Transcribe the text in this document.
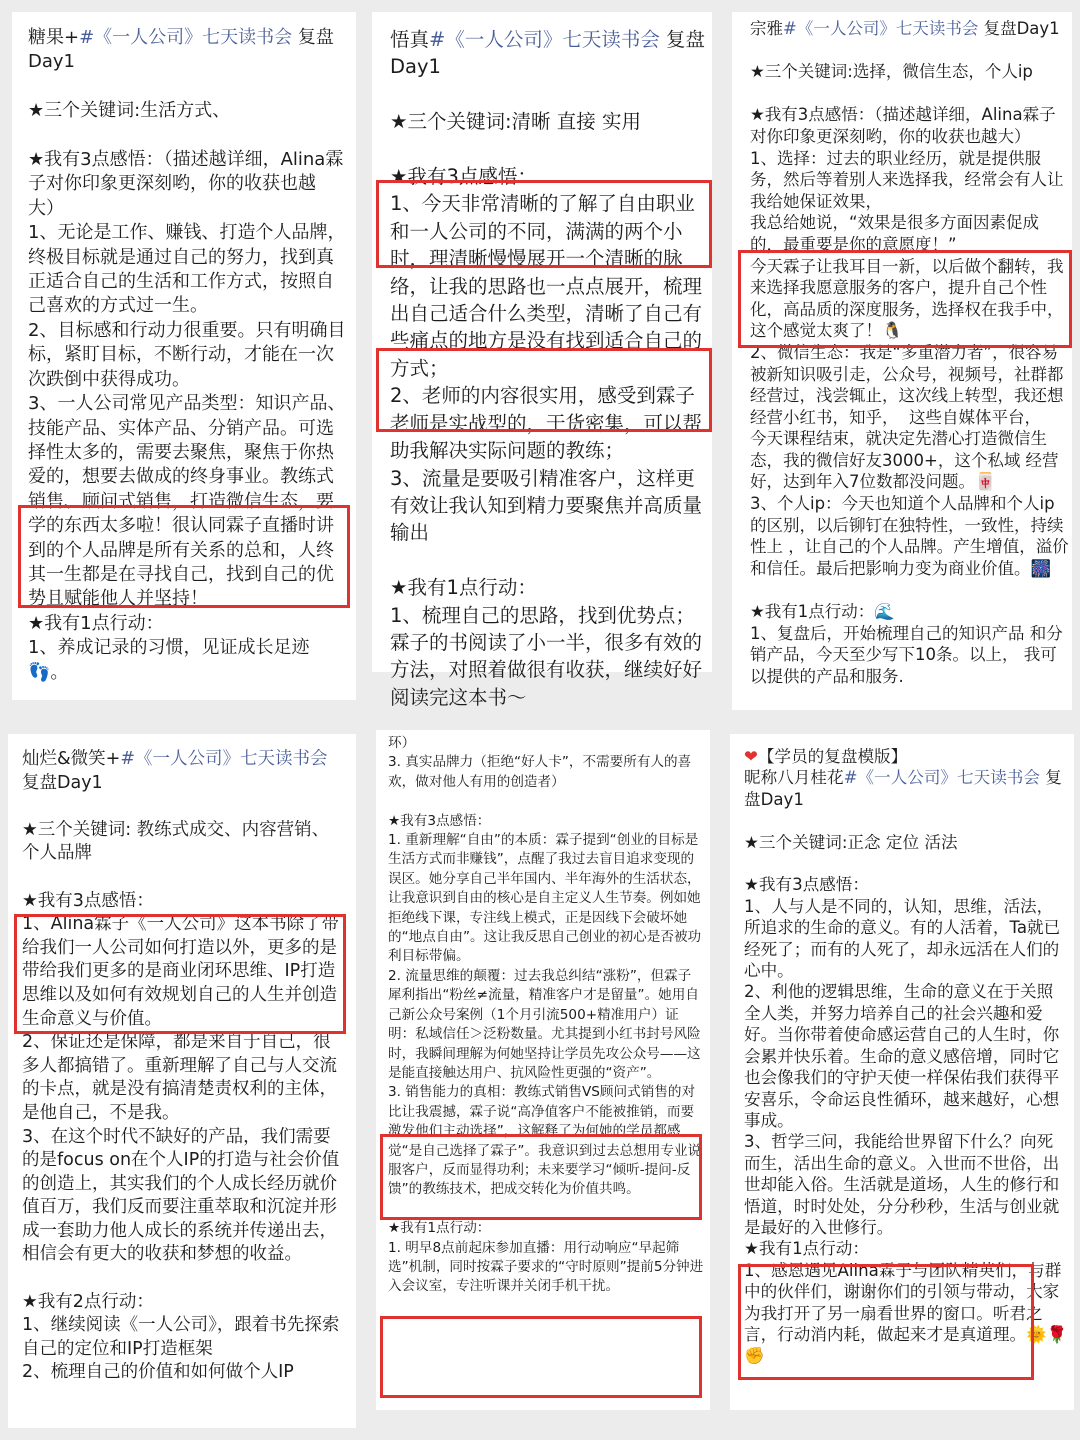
糖果+#《一人公司》七天读书会 复盘
Day1

★三个关键词:生活方式、

★我有3点感悟：（描述越详细，Alina霖子对你印象更深刻哟，你的收获也越大）
1、无论是工作、赚钱、打造个人品牌，终极目标就是通过自己的努力，找到真正适合自己的生活和工作方式，按照自己喜欢的方式过一生。
2、目标感和行动力很重要。只有明确目标，紧盯目标，不断行动，才能在一次次跌倒中获得成功。
3、一人公司常见产品类型：知识产品、技能产品、实体产品、分销产品。可选择性太多的，需要去聚焦，聚焦于你热爱的，想要去做成的终身事业。教练式销售、顾问式销售，打造微信生态，要学的东西太多啦！很认同霖子直播时讲到的个人品牌是所有关系的总和，人终其一生都是在寻找自己，找到自己的优势且赋能他人并坚持！
★我有1点行动：
1、养成记录的习惯，见证成长足迹
👣。
悟真#《一人公司》七天读书会 复盘
Day1

★三个关键词:清晰 直接 实用

★我有3点感悟：
1、今天非常清晰的了解了自由职业和一人公司的不同，满满的两个小时，理清晰慢慢展开一个清晰的脉络，让我的思路也一点点展开，梳理出自己适合什么类型，清晰了自己有些痛点的地方是没有找到适合自己的方式；
2、老师的内容很实用，感受到霖子老师是实战型的，干货密集，可以帮助我解决实际问题的教练；
3、流量是要吸引精准客户，这样更有效让我认知到精力要聚焦并高质量输出

★我有1点行动：
1、梳理自己的思路，找到优势点；霖子的书阅读了小一半，很多有效的方法，对照着做很有收获，继续好好阅读完这本书～
宗雅#《一人公司》七天读书会 复盘Day1

★三个关键词:选择，微信生态，个人ip

★我有3点感悟：（描述越详细，Alina霖子对你印象更深刻哟，你的收获也越大）
1、选择：过去的职业经历，就是提供服务，然后等着别人来选择我，经常会有人让我给她保证效果，
我总给她说，“效果是很多方面因素促成的，最重要是你的意愿度！”
今天霖子让我耳目一新，以后做个翻转，我来选择我愿意服务的客户，提升自己个性化，高品质的深度服务，选择权在我手中，这个感觉太爽了！🐧
2、微信生态：我是“多重潜力者”，很容易被新知识吸引走，公众号，视频号，社群都经营过，浅尝辄止，这次线上转型，我还想经营小红书，知乎，  这些自媒体平台，
今天课程结束，就决定先潜心打造微信生态，我的微信好友3000+，这个私域 经营好，达到年入7位数都没问题。🀄
3、个人ip：今天也知道个人品牌和个人ip的区别，以后铆钉在独特性，一致性，持续性上 ，让自己的个人品牌。产生增值，溢价和信任。最后把影响力变为商业价值。🎆

★我有1点行动：🌊
1、复盘后，开始梳理自己的知识产品 和分销产品，今天至少写下10条。以上， 我可以提供的产品和服务.
灿烂&微笑+#《一人公司》七天读书会
复盘Day1

★三个关键词: 教练式成交、内容营销、个人品牌

★我有3点感悟：
1、Alina霖子《一人公司》这本书除了带给我们一人公司如何打造以外，更多的是带给我们更多的是商业闭环思维、IP打造思维以及如何有效规划自己的人生并创造生命意义与价值。
2、保证还是保障，都是来自于自己，很多人都搞错了。重新理解了自己与人交流的卡点，就是没有搞清楚责权利的主体，是他自己，不是我。
3、在这个时代不缺好的产品，我们需要的是focus on在个人IP的打造与社会价值的创造上，其实我们的个人成长经历就价值百万，我们反而要注重萃取和沉淀并形成一套助力他人成长的系统并传递出去，相信会有更大的收获和梦想的收益。

★我有2点行动：
1、继续阅读《一人公司》，跟着书先探索自己的定位和IP打造框架
2、梳理自己的价值和如何做个人IP
环）
3. 真实品牌力（拒绝“好人卡”，不需要所有人的喜欢，做对他人有用的创造者）

★我有3点感悟：
1. 重新理解“自由”的本质：霖子提到“创业的目标是生活方式而非赚钱”，点醒了我过去盲目追求变现的误区。她分享自己半年国内、半年海外的生活状态，让我意识到自由的核心是自主定义人生节奏。例如她拒绝线下课，专注线上模式，正是因线下会破坏她的“地点自由”。这让我反思自己创业的初心是否被功利目标带偏。
2. 流量思维的颠覆：过去我总纠结“涨粉”，但霖子犀利指出“粉丝≠流量，精准客户才是留量”。她用自己新公众号案例（1个月引流500+精准用户）证明：私域信任＞泛粉数量。尤其提到小红书封号风险时，我瞬间理解为何她坚持让学员先攻公众号——这是能直接触达用户、抗风险性更强的“资产”。
3. 销售能力的真相：教练式销售VS顾问式销售的对比让我震撼，霖子说“高净值客户不能被推销，而要激发他们主动选择”，这解释了为何她的学员都感觉“是自己选择了霖子”。我意识到过去总想用专业说服客户，反而显得功利；未来要学习“倾听-提问-反馈”的教练技术，把成交转化为价值共鸣。

★我有1点行动：
1. 明早8点前起床参加直播：用行动响应“早起筛选”机制，同时按霖子要求的“守时原则”提前5分钟进入会议室，专注听课并关闭手机干扰。
❤【学员的复盘模版】
昵称八月桂花#《一人公司》七天读书会 复盘Day1

★三个关键词:正念 定位 活法

★我有3点感悟：
1、人与人是不同的，认知，思维，活法，所追求的生命的意义。有的人活着，Ta就已经死了；而有的人死了，却永远活在人们的心中。
2、利他的逻辑思维，生命的意义在于关照全人类，并努力培养自己的社会兴趣和爱好。当你带着使命感运营自己的人生时，你会累并快乐着。生命的意义感倍增，同时它也会像我们的守护天使一样保佑我们获得平安喜乐，令命运良性循环，越来越好，心想事成。
3、哲学三问，我能给世界留下什么？向死而生，活出生命的意义。入世而不世俗，出世却能入俗。生活就是道场，人生的修行和悟道，时时处处，分分秒秒，生活与创业就是最好的入世修行。
★我有1点行动：
1、感恩遇见Alina霖子与团队精英们，与群中的伙伴们，谢谢你们的引领与带动，大家为我打开了另一扇看世界的窗口。听君之言，行动消内耗，做起来才是真道理。🌞🌹✊
